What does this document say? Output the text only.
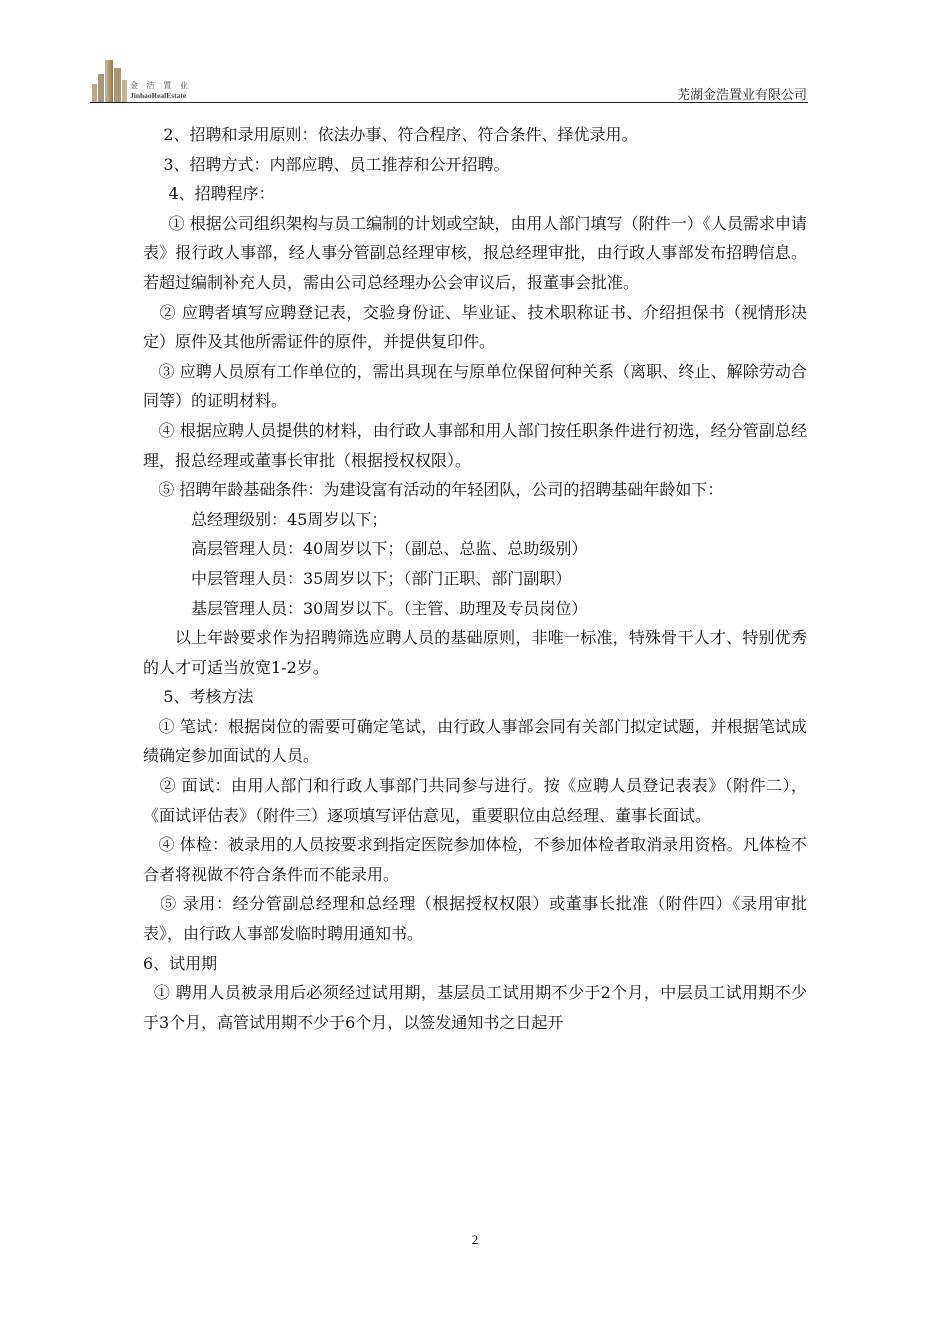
金 浩 置 业
JinhaoRealEstate	芜湖金浩置业有限公司

2、招聘和录用原则：依法办事、符合程序、符合条件、择优录用。

3、招聘方式：内部应聘、员工推荐和公开招聘。

4、招聘程序：

① 根据公司组织架构与员工编制的计划或空缺，由用人部门填写（附件一）《人员需求申请表》报行政人事部，经人事分管副总经理审核，报总经理审批，由行政人事部发布招聘信息。若超过编制补充人员，需由公司总经理办公会审议后，报董事会批准。

② 应聘者填写应聘登记表，交验身份证、毕业证、技术职称证书、介绍担保书（视情形决定）原件及其他所需证件的原件，并提供复印件。

③ 应聘人员原有工作单位的，需出具现在与原单位保留何种关系（离职、终止、解除劳动合同等）的证明材料。

④ 根据应聘人员提供的材料，由行政人事部和用人部门按任职条件进行初选，经分管副总经理，报总经理或董事长审批（根据授权权限）。

⑤ 招聘年龄基础条件：为建设富有活动的年轻团队，公司的招聘基础年龄如下：

总经理级别：45周岁以下；

高层管理人员：40周岁以下；（副总、总监、总助级别）

中层管理人员：35周岁以下；（部门正职、部门副职）

基层管理人员：30周岁以下。（主管、助理及专员岗位）

以上年龄要求作为招聘筛选应聘人员的基础原则，非唯一标准，特殊骨干人才、特别优秀的人才可适当放宽1-2岁。

5、考核方法

① 笔试：根据岗位的需要可确定笔试，由行政人事部会同有关部门拟定试题，并根据笔试成绩确定参加面试的人员。

② 面试：由用人部门和行政人事部门共同参与进行。按《应聘人员登记表表》（附件二），《面试评估表》（附件三）逐项填写评估意见，重要职位由总经理、董事长面试。

④ 体检：被录用的人员按要求到指定医院参加体检，不参加体检者取消录用资格。凡体检不合者将视做不符合条件而不能录用。

⑤ 录用：经分管副总经理和总经理（根据授权权限）或董事长批准（附件四）《录用审批表》，由行政人事部发临时聘用通知书。

6、试用期

① 聘用人员被录用后必须经过试用期，基层员工试用期不少于2个月，中层员工试用期不少于3个月，高管试用期不少于6个月，以签发通知书之日起开

2
